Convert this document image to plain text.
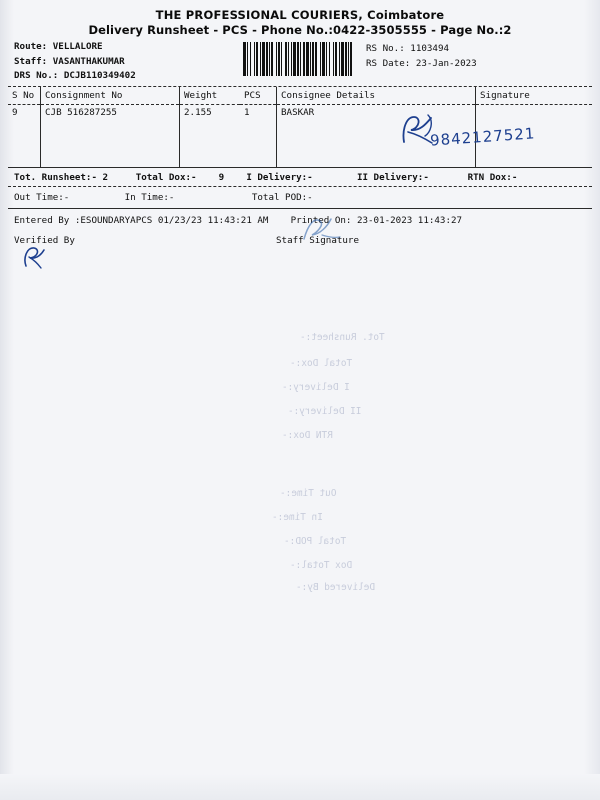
THE PROFESSIONAL COURIERS, Coimbatore
Delivery Runsheet - PCS - Phone No.:0422-3505555 - Page No.:2
Route: VELLALORE
Staff: VASANTHAKUMAR
DRS No.: DCJB110349402
RS No.: 1103494
RS Date: 23-Jan-2023
S No	Consignment No	Weight	PCS	Consignee Details	Signature
9	CJB 516287255	2.155	1	BASKAR	
Tot. Runsheet:- 2     Total Dox:-    9    I Delivery:-        II Delivery:-       RTN Dox:-
Out Time:-          In Time:-              Total POD:-
Entered By :ESOUNDARYAPCS 01/23/23 11:43:21 AM    Printed On: 23-01-2023 11:43:27
Verified By	Staff Signature
9842127521
Tot. Runsheet:-
Total Dox:-
I Delivery:-
II Delivery:-
RTN Dox:-
Out Time:-
In Time:-
Total POD:-
Dox Total:-
Delivered By:-
